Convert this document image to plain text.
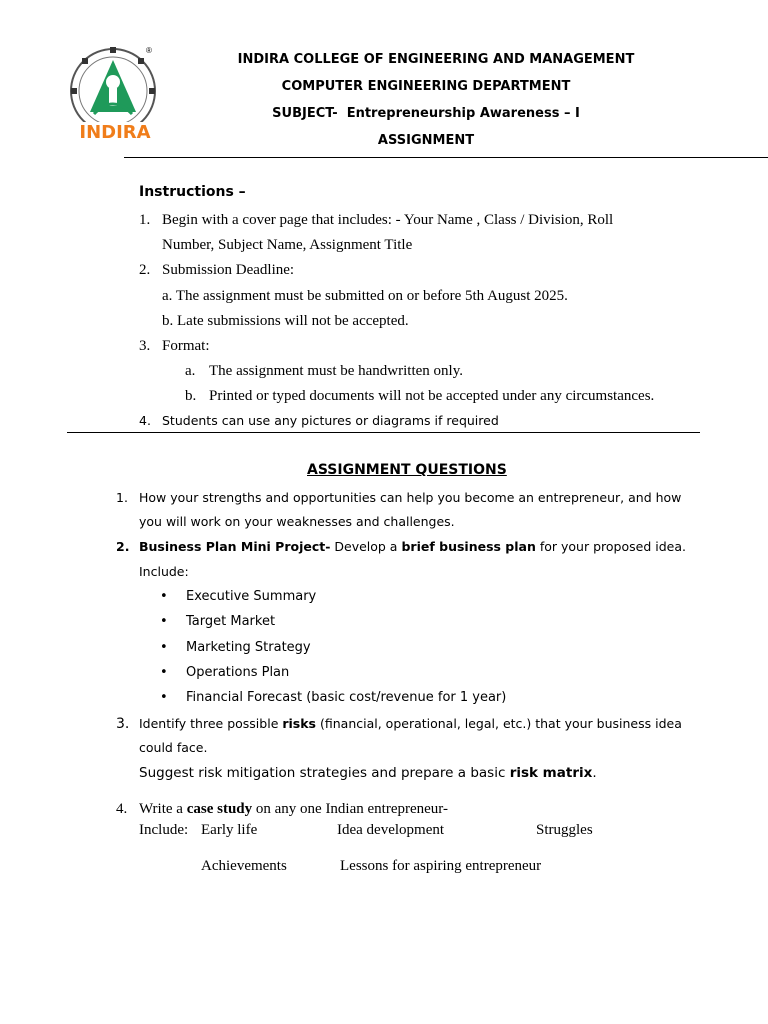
®
INDIRA
INDIRA COLLEGE OF ENGINEERING AND MANAGEMENT
COMPUTER ENGINEERING DEPARTMENT
SUBJECT- Entrepreneurship Awareness – I
ASSIGNMENT
Instructions –
1. Begin with a cover page that includes: - Your Name , Class / Division, Roll
Number, Subject Name, Assignment Title
2. Submission Deadline:
a. The assignment must be submitted on or before 5th August 2025.
b. Late submissions will not be accepted.
3. Format:
a. The assignment must be handwritten only.
b. Printed or typed documents will not be accepted under any circumstances.
4. Students can use any pictures or diagrams if required
ASSIGNMENT QUESTIONS
1. How your strengths and opportunities can help you become an entrepreneur, and how
you will work on your weaknesses and challenges.
2. Business Plan Mini Project- Develop a brief business plan for your proposed idea.
Include:
• Executive Summary
• Target Market
• Marketing Strategy
• Operations Plan
• Financial Forecast (basic cost/revenue for 1 year)
3. Identify three possible risks (financial, operational, legal, etc.) that your business idea
could face.
Suggest risk mitigation strategies and prepare a basic risk matrix.
4. Write a case study on any one Indian entrepreneur-
Include: Early life	Idea development	Struggles
Achievements	Lessons for aspiring entrepreneur
